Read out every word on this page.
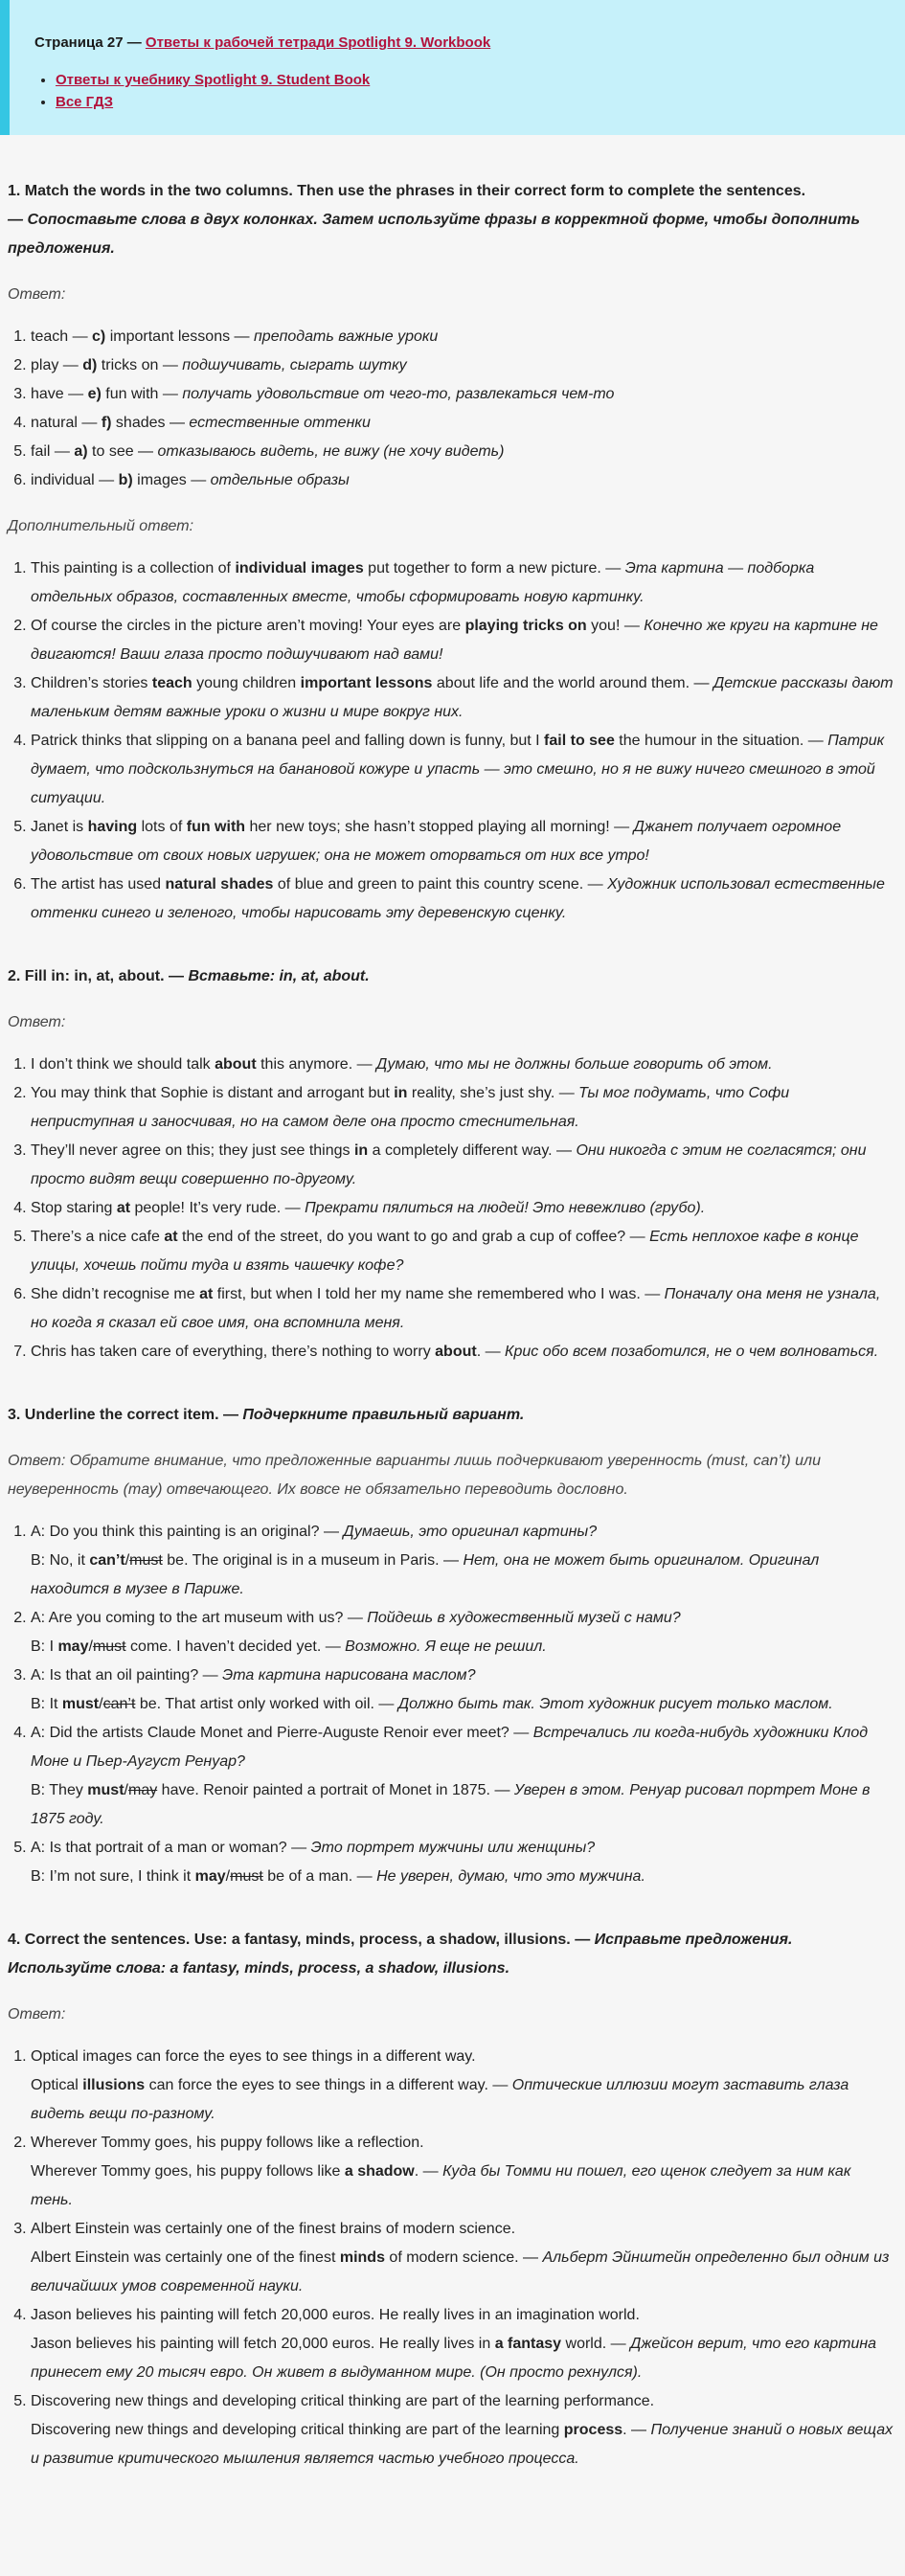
Страница 27 — Ответы к рабочей тетради Spotlight 9. Workbook
• Ответы к учебнику Spotlight 9. Student Book
• Все ГДЗ
1. Match the words in the two columns. Then use the phrases in their correct form to complete the sentences.
— Сопоставьте слова в двух колонках. Затем используйте фразы в корректной форме, чтобы дополнить предложения.
Ответ:
1. teach — c) important lessons — преподать важные уроки
2. play — d) tricks on — подшучивать, сыграть шутку
3. have — e) fun with — получать удовольствие от чего-то, развлекаться чем-то
4. natural — f) shades — естественные оттенки
5. fail — a) to see — отказываюсь видеть, не вижу (не хочу видеть)
6. individual — b) images — отдельные образы
Дополнительный ответ:
1. This painting is a collection of individual images put together to form a new picture. — Эта картина — подборка отдельных образов, составленных вместе, чтобы сформировать новую картинку.
2. Of course the circles in the picture aren’t moving! Your eyes are playing tricks on you! — Конечно же круги на картине не двигаются! Ваши глаза просто подшучивают над вами!
3. Children’s stories teach young children important lessons about life and the world around them. — Детские рассказы дают маленьким детям важные уроки о жизни и мире вокруг них.
4. Patrick thinks that slipping on a banana peel and falling down is funny, but I fail to see the humour in the situation. — Патрик думает, что подскользнуться на банановой кожуре и упасть — это смешно, но я не вижу ничего смешного в этой ситуации.
5. Janet is having lots of fun with her new toys; she hasn’t stopped playing all morning! — Джанет получает огромное удовольствие от своих новых игрушек; она не может оторваться от них все утро!
6. The artist has used natural shades of blue and green to paint this country scene. — Художник использовал естественные оттенки синего и зеленого, чтобы нарисовать эту деревенскую сценку.
2. Fill in: in, at, about. — Вставьте: in, at, about.
Ответ:
1. I don’t think we should talk about this anymore. — Думаю, что мы не должны больше говорить об этом.
2. You may think that Sophie is distant and arrogant but in reality, she’s just shy. — Ты мог подумать, что Софи неприступная и заносчивая, но на самом деле она просто стеснительная.
3. They’ll never agree on this; they just see things in a completely different way. — Они никогда с этим не согласятся; они просто видят вещи совершенно по-другому.
4. Stop staring at people! It’s very rude. — Прекрати пялиться на людей! Это невежливо (грубо).
5. There’s a nice cafe at the end of the street, do you want to go and grab a cup of coffee? — Есть неплохое кафе в конце улицы, хочешь пойти туда и взять чашечку кофе?
6. She didn’t recognise me at first, but when I told her my name she remembered who I was. — Поначалу она меня не узнала, но когда я сказал ей свое имя, она вспомнила меня.
7. Chris has taken care of everything, there’s nothing to worry about. — Крис обо всем позаботился, не о чем волноваться.
3. Underline the correct item. — Подчеркните правильный вариант.
Ответ: Обратите внимание, что предложенные варианты лишь подчеркивают уверенность (must, can’t) или неуверенность (may) отвечающего. Их вовсе не обязательно переводить дословно.
1. A: Do you think this painting is an original? — Думаешь, это оригинал картины?
B: No, it can’t/must be. The original is in a museum in Paris. — Нет, она не может быть оригиналом. Оригинал находится в музее в Париже.
2. A: Are you coming to the art museum with us? — Пойдешь в художественный музей с нами?
B: I may/must come. I haven’t decided yet. — Возможно. Я еще не решил.
3. A: Is that an oil painting? — Эта картина нарисована маслом?
B: It must/can’t be. That artist only worked with oil. — Должно быть так. Этот художник рисует только маслом.
4. A: Did the artists Claude Monet and Pierre-Auguste Renoir ever meet? — Встречались ли когда-нибудь художники Клод Моне и Пьер-Аугуст Ренуар?
B: They must/may have. Renoir painted a portrait of Monet in 1875. — Уверен в этом. Ренуар рисовал портрет Моне в 1875 году.
5. A: Is that portrait of a man or woman? — Это портрет мужчины или женщины?
B: I’m not sure, I think it may/must be of a man. — Не уверен, думаю, что это мужчина.
4. Correct the sentences. Use: a fantasy, minds, process, a shadow, illusions. — Исправьте предложения. Используйте слова: a fantasy, minds, process, a shadow, illusions.
Ответ:
1. Optical images can force the eyes to see things in a different way.
Optical illusions can force the eyes to see things in a different way. — Оптические иллюзии могут заставить глаза видеть вещи по-разному.
2. Wherever Tommy goes, his puppy follows like a reflection.
Wherever Tommy goes, his puppy follows like a shadow. — Куда бы Томми ни пошел, его щенок следует за ним как тень.
3. Albert Einstein was certainly one of the finest brains of modern science.
Albert Einstein was certainly one of the finest minds of modern science. — Альберт Эйнштейн определенно был одним из величайших умов современной науки.
4. Jason believes his painting will fetch 20,000 euros. He really lives in an imagination world.
Jason believes his painting will fetch 20,000 euros. He really lives in a fantasy world. — Джейсон верит, что его картина принесет ему 20 тысяч евро. Он живет в выдуманном мире. (Он просто рехнулся).
5. Discovering new things and developing critical thinking are part of the learning performance.
Discovering new things and developing critical thinking are part of the learning process. — Получение знаний о новых вещах и развитие критического мышления является частью учебного процесса.
